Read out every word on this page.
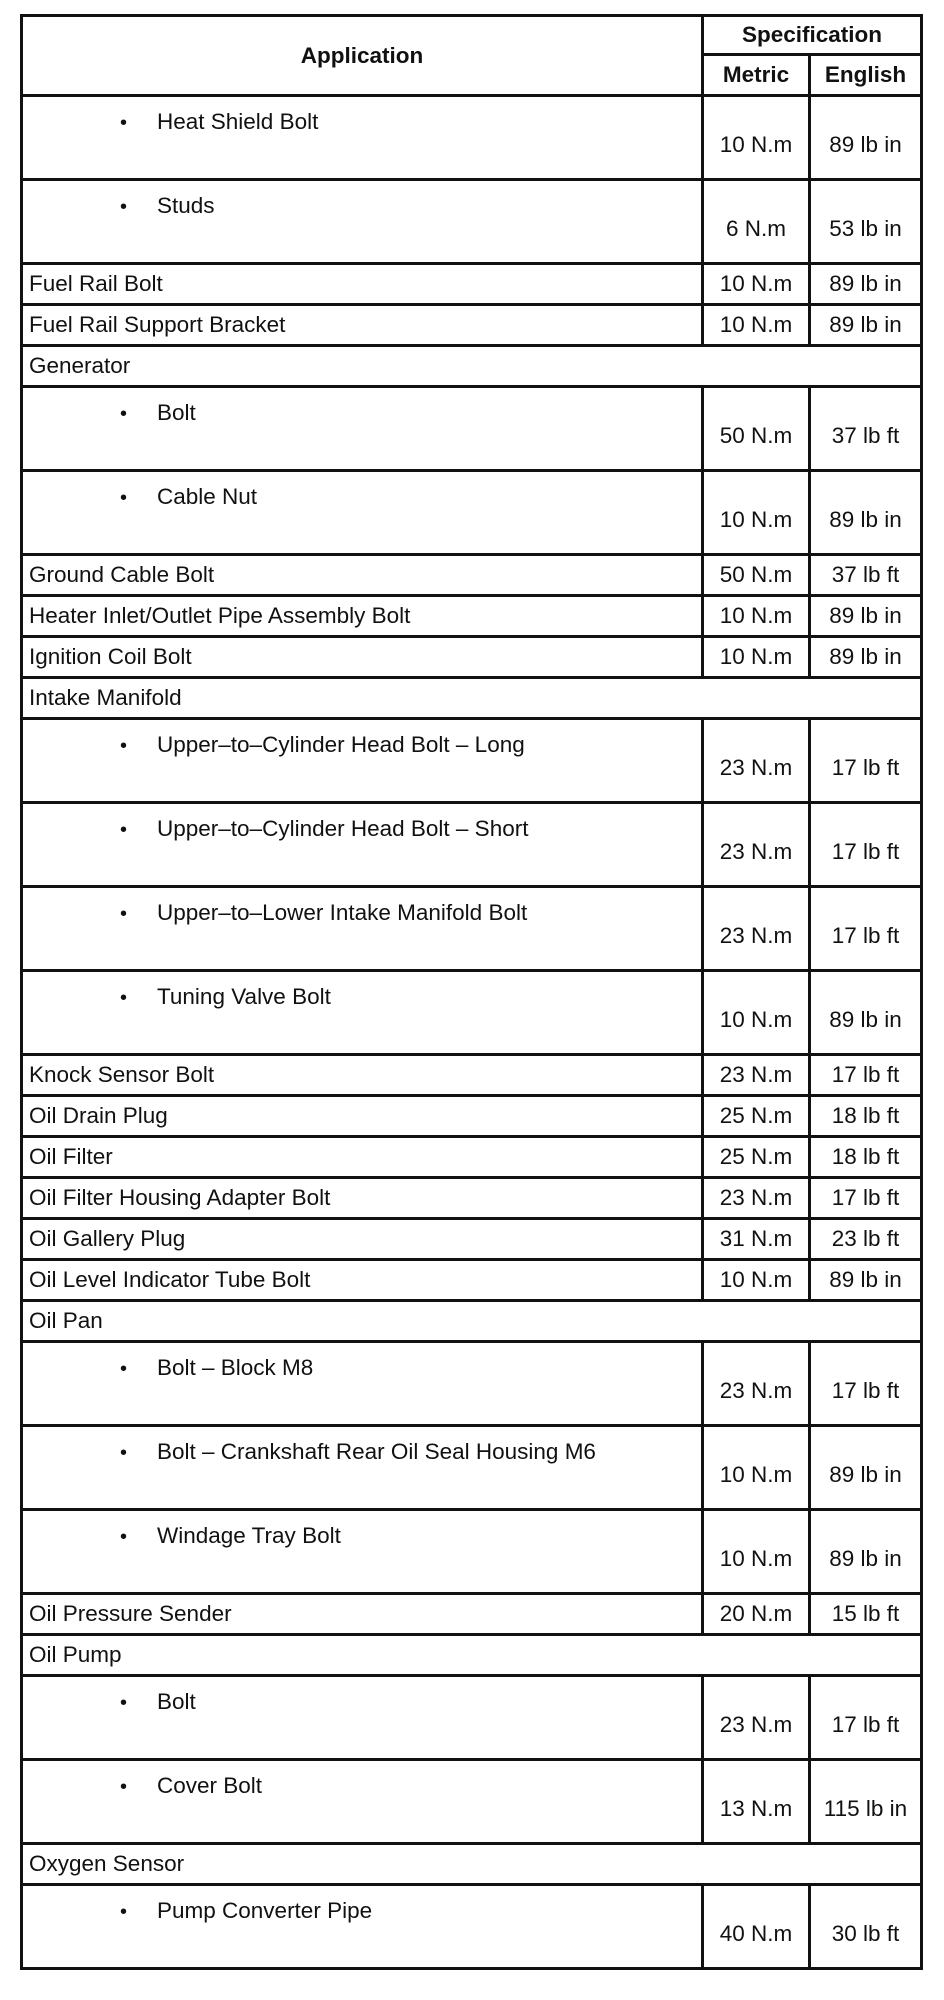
Application	Specification	
	Metric	English
• Heat Shield Bolt	10 N.m	89 lb in
• Studs	6 N.m	53 lb in
Fuel Rail Bolt	10 N.m	89 lb in
Fuel Rail Support Bracket	10 N.m	89 lb in
Generator		
• Bolt	50 N.m	37 lb ft
• Cable Nut	10 N.m	89 lb in
Ground Cable Bolt	50 N.m	37 lb ft
Heater Inlet/Outlet Pipe Assembly Bolt	10 N.m	89 lb in
Ignition Coil Bolt	10 N.m	89 lb in
Intake Manifold		
• Upper–to–Cylinder Head Bolt – Long	23 N.m	17 lb ft
• Upper–to–Cylinder Head Bolt – Short	23 N.m	17 lb ft
• Upper–to–Lower Intake Manifold Bolt	23 N.m	17 lb ft
• Tuning Valve Bolt	10 N.m	89 lb in
Knock Sensor Bolt	23 N.m	17 lb ft
Oil Drain Plug	25 N.m	18 lb ft
Oil Filter	25 N.m	18 lb ft
Oil Filter Housing Adapter Bolt	23 N.m	17 lb ft
Oil Gallery Plug	31 N.m	23 lb ft
Oil Level Indicator Tube Bolt	10 N.m	89 lb in
Oil Pan		
• Bolt – Block M8	23 N.m	17 lb ft
• Bolt – Crankshaft Rear Oil Seal Housing M6	10 N.m	89 lb in
• Windage Tray Bolt	10 N.m	89 lb in
Oil Pressure Sender	20 N.m	15 lb ft
Oil Pump		
• Bolt	23 N.m	17 lb ft
• Cover Bolt	13 N.m	115 lb in
Oxygen Sensor		
• Pump Converter Pipe	40 N.m	30 lb ft
